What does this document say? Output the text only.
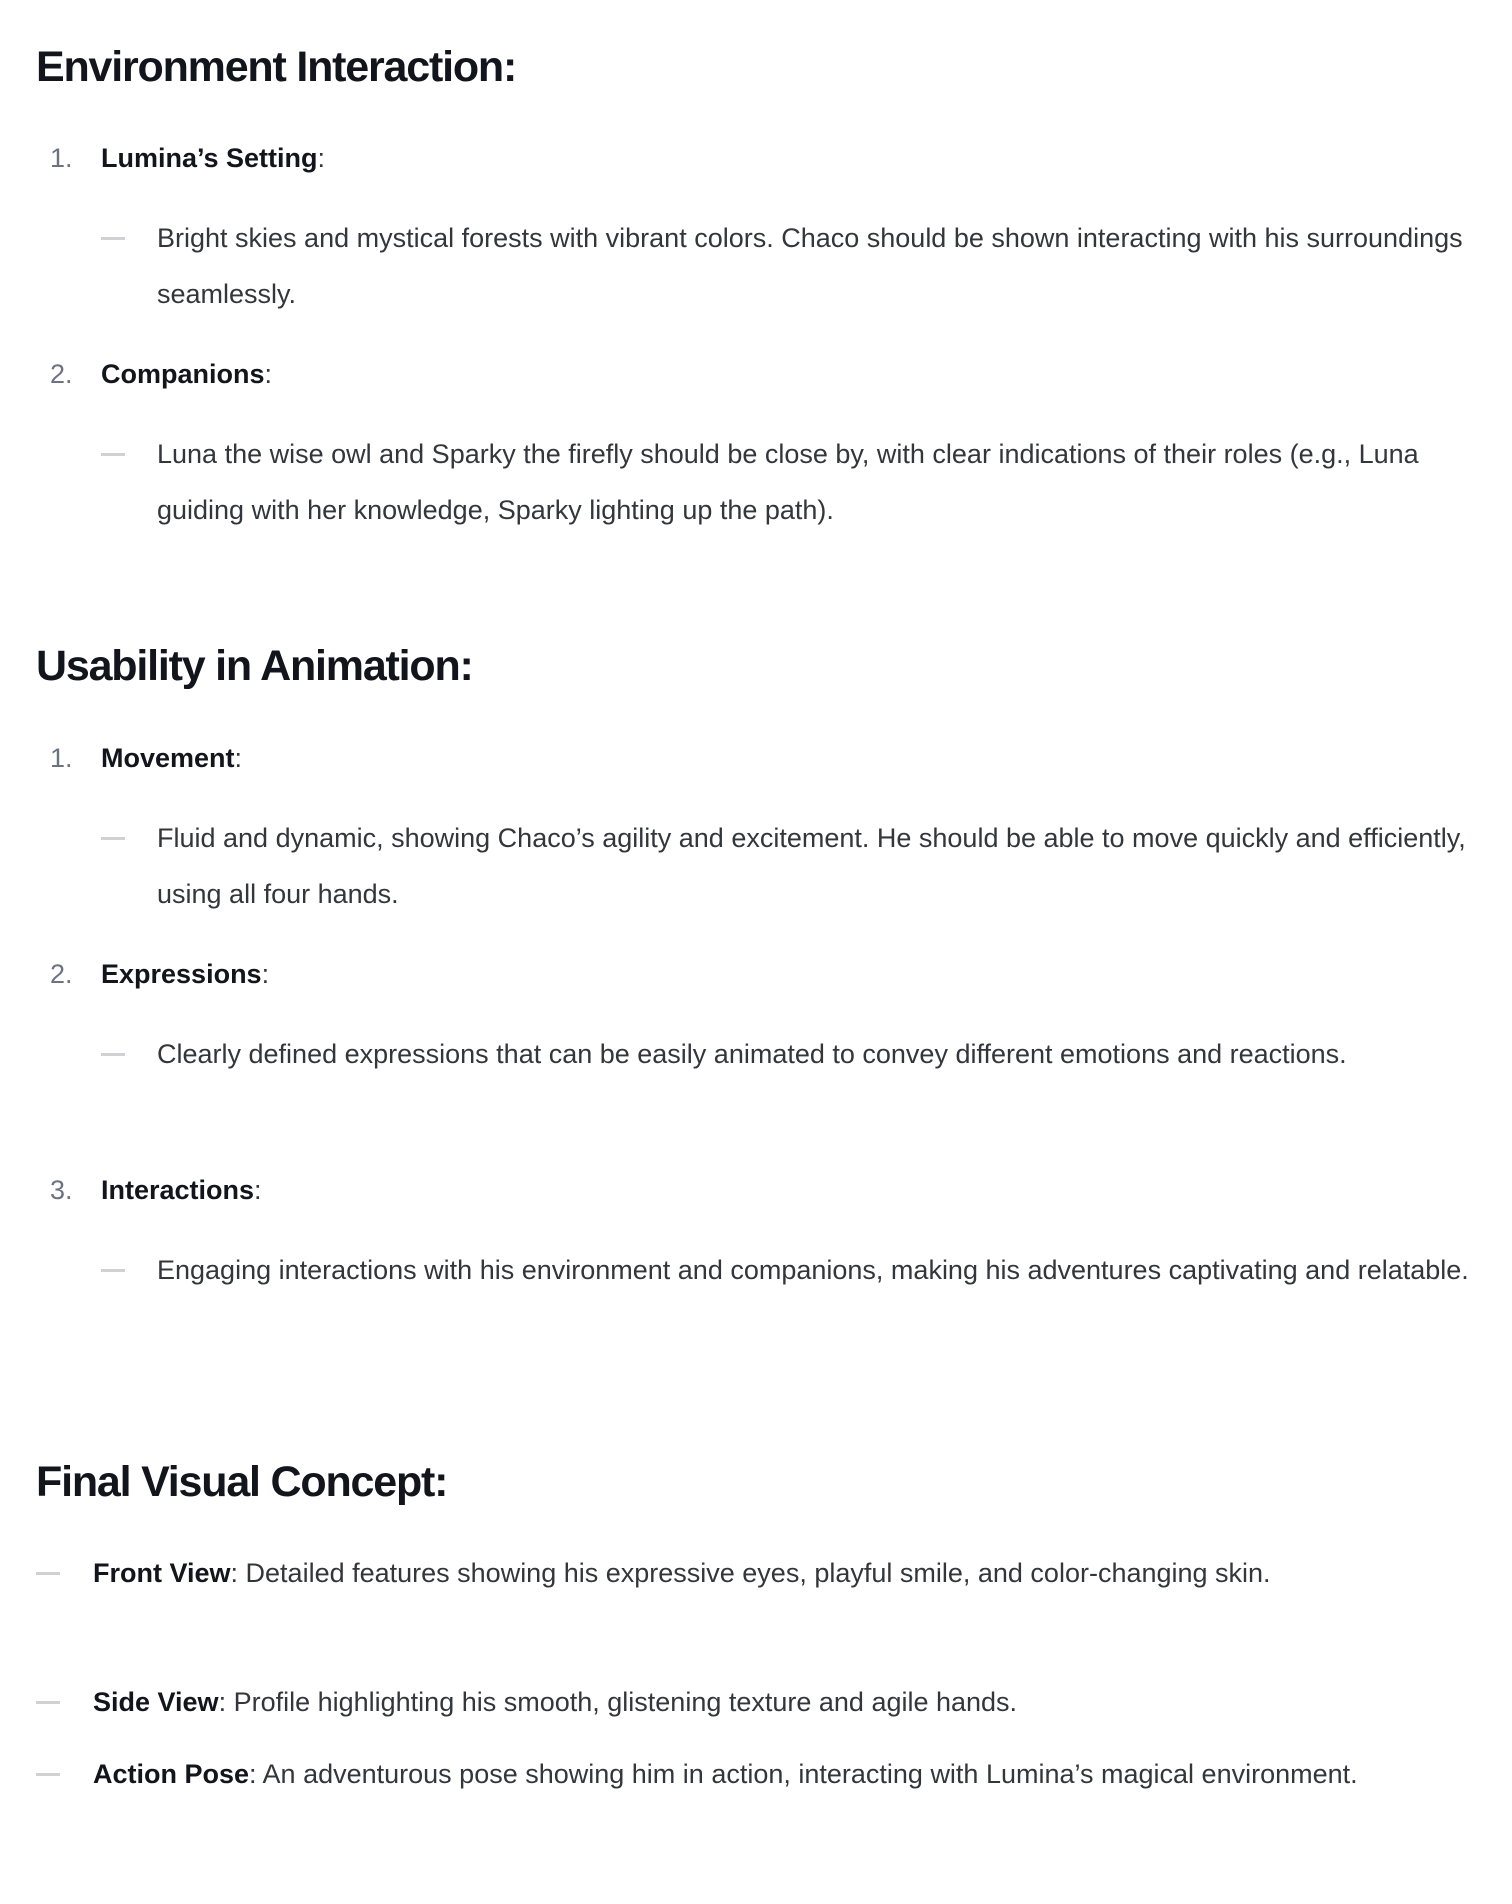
Environment Interaction:
1.	Lumina’s Setting:
Bright skies and mystical forests with vibrant colors. Chaco should be shown interacting with his surroundings seamlessly.
2.	Companions:
Luna the wise owl and Sparky the firefly should be close by, with clear indications of their roles (e.g., Luna guiding with her knowledge, Sparky lighting up the path).
Usability in Animation:
1.	Movement:
Fluid and dynamic, showing Chaco’s agility and excitement. He should be able to move quickly and efficiently, using all four hands.
2.	Expressions:
Clearly defined expressions that can be easily animated to convey different emotions and reactions.
3.	Interactions:
Engaging interactions with his environment and companions, making his adventures captivating and relatable.
Final Visual Concept:
Front View: Detailed features showing his expressive eyes, playful smile, and color-changing skin.
Side View: Profile highlighting his smooth, glistening texture and agile hands.
Action Pose: An adventurous pose showing him in action, interacting with Lumina’s magical environment.
